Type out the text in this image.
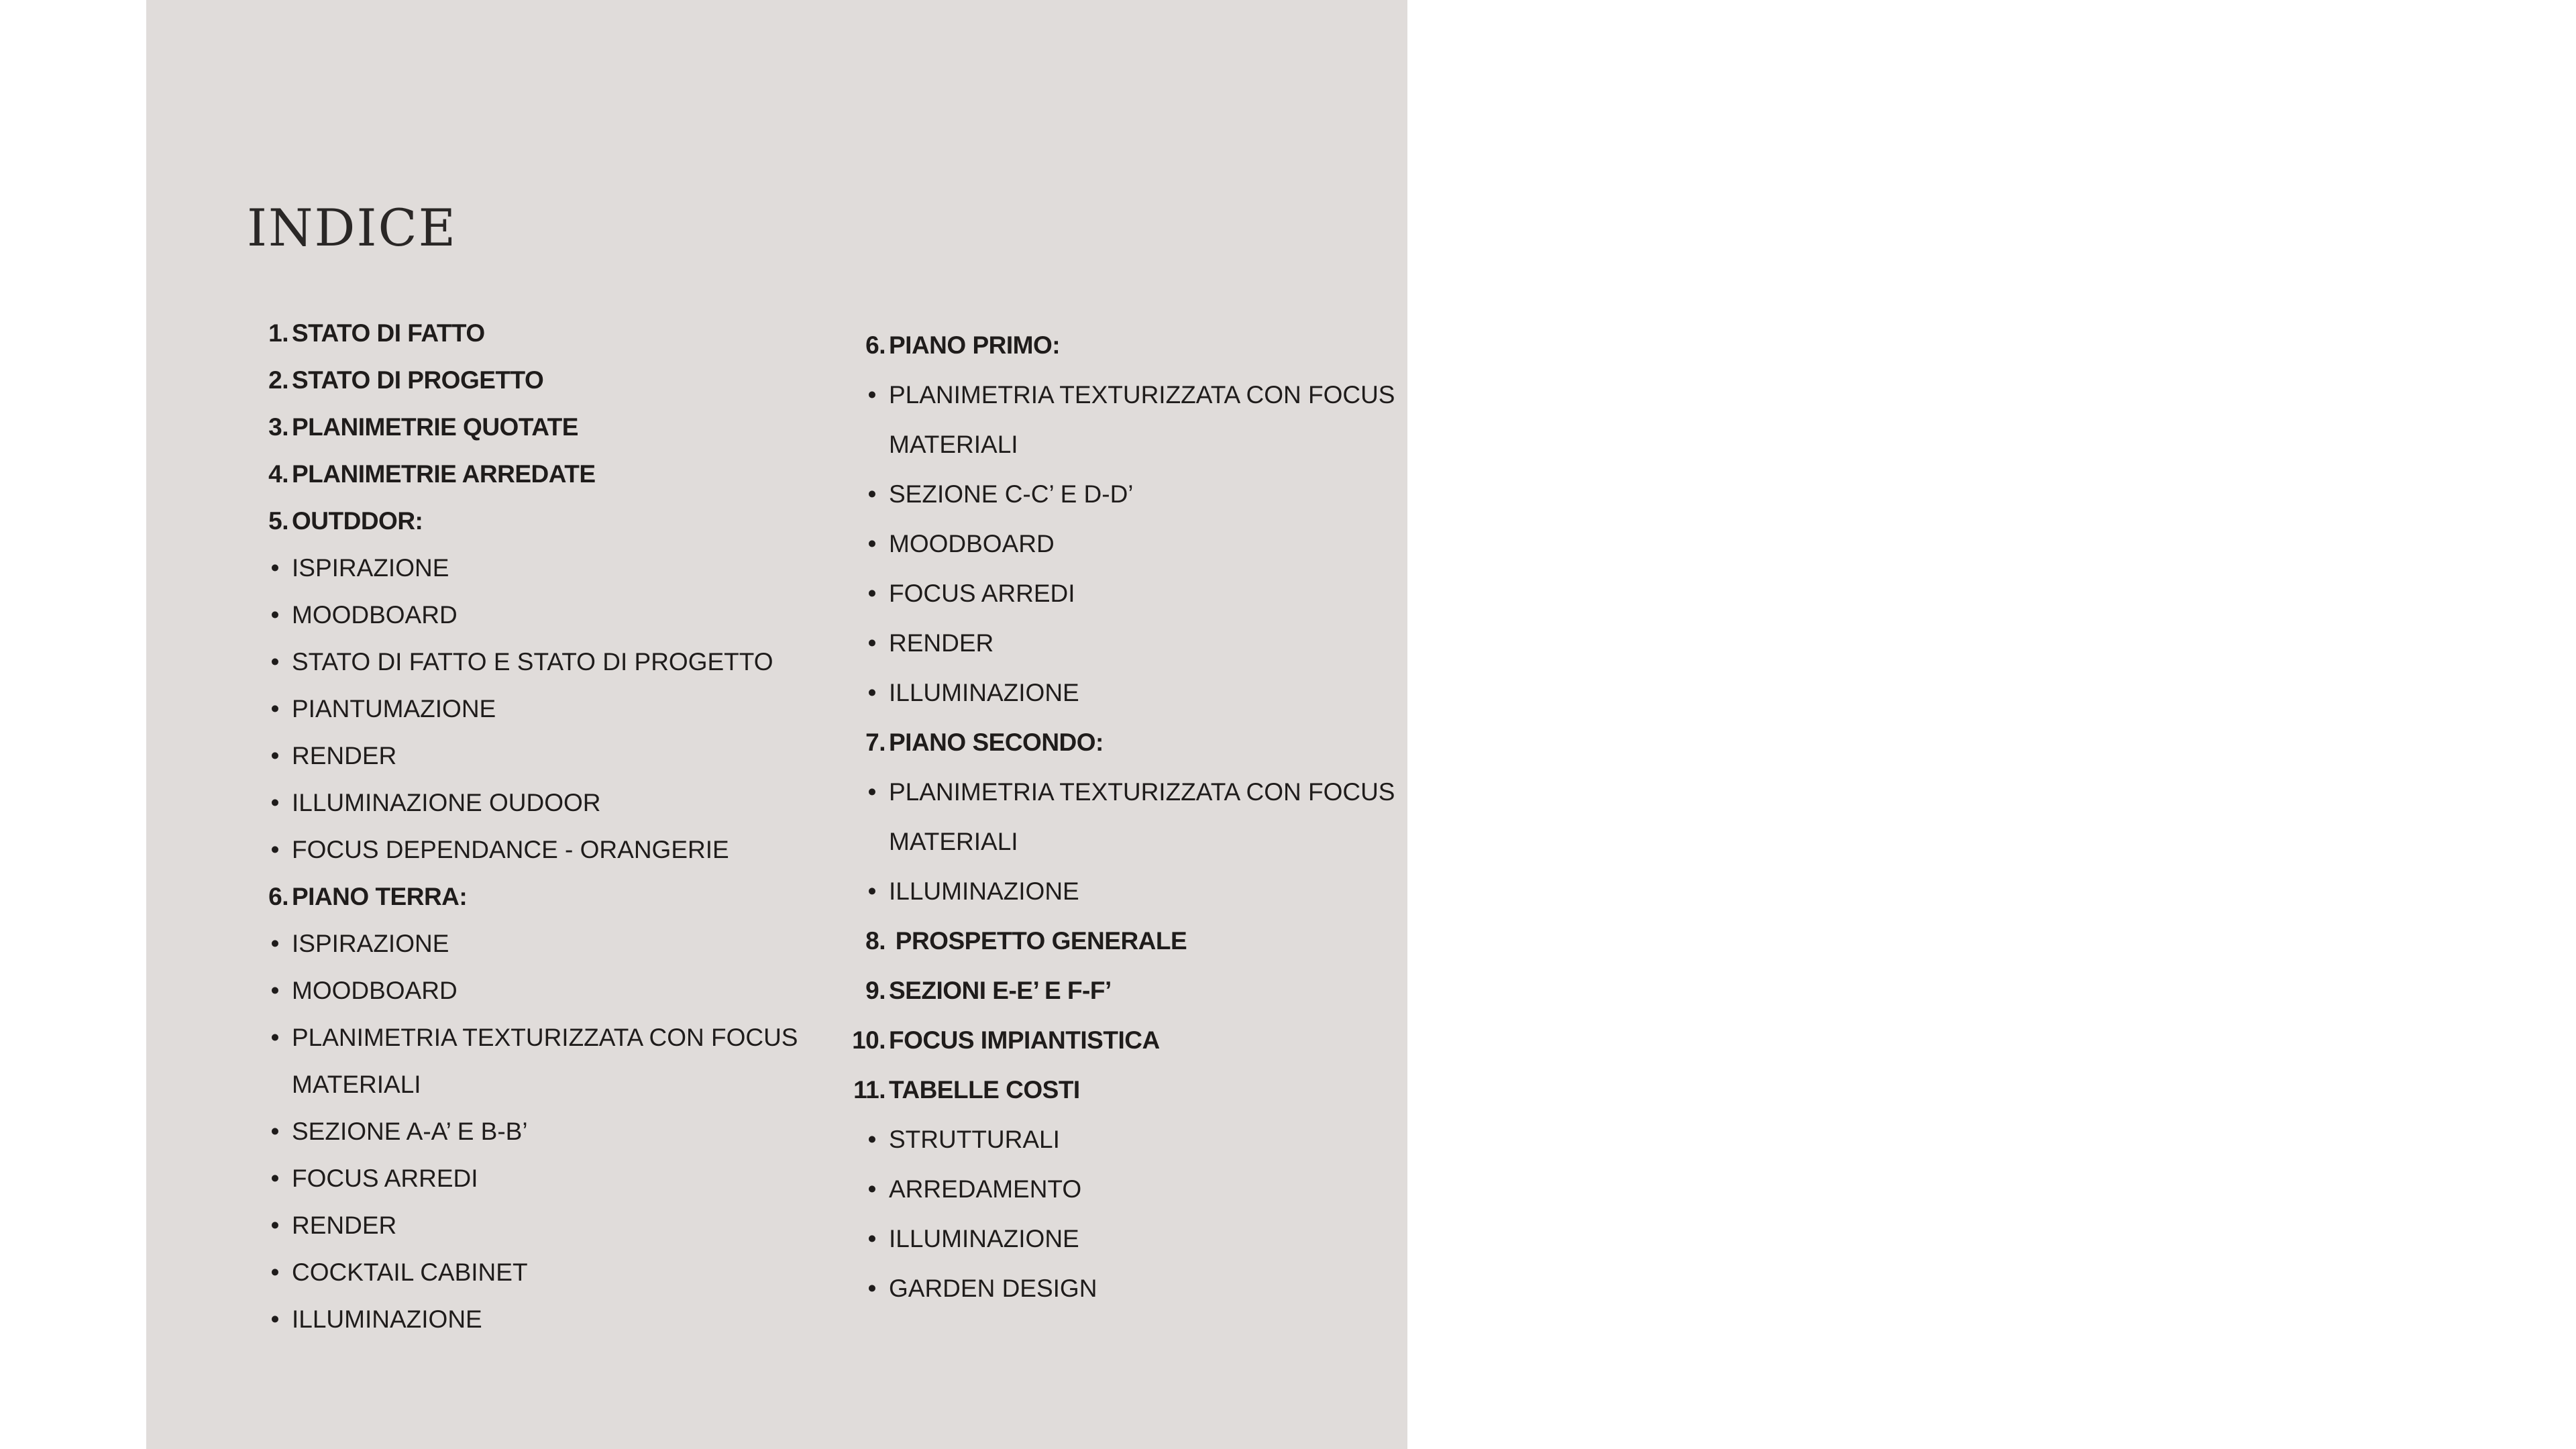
INDICE
1. STATO DI FATTO
2. STATO DI PROGETTO
3. PLANIMETRIE QUOTATE
4. PLANIMETRIE ARREDATE
5. OUTDDOR:
• ISPIRAZIONE
• MOODBOARD
• STATO DI FATTO E STATO DI PROGETTO
• PIANTUMAZIONE
• RENDER
• ILLUMINAZIONE OUDOOR
• FOCUS DEPENDANCE - ORANGERIE
6. PIANO TERRA:
• ISPIRAZIONE
• MOODBOARD
• PLANIMETRIA TEXTURIZZATA CON FOCUS
MATERIALI
• SEZIONE A-A’ E B-B’
• FOCUS ARREDI
• RENDER
• COCKTAIL CABINET
• ILLUMINAZIONE
6. PIANO PRIMO:
• PLANIMETRIA TEXTURIZZATA CON FOCUS
MATERIALI
• SEZIONE C-C’ E D-D’
• MOODBOARD
• FOCUS ARREDI
• RENDER
• ILLUMINAZIONE
7. PIANO SECONDO:
• PLANIMETRIA TEXTURIZZATA CON FOCUS
MATERIALI
• ILLUMINAZIONE
8. PROSPETTO GENERALE
9. SEZIONI E-E’ E F-F’
10. FOCUS IMPIANTISTICA
11. TABELLE COSTI
• STRUTTURALI
• ARREDAMENTO
• ILLUMINAZIONE
• GARDEN DESIGN
